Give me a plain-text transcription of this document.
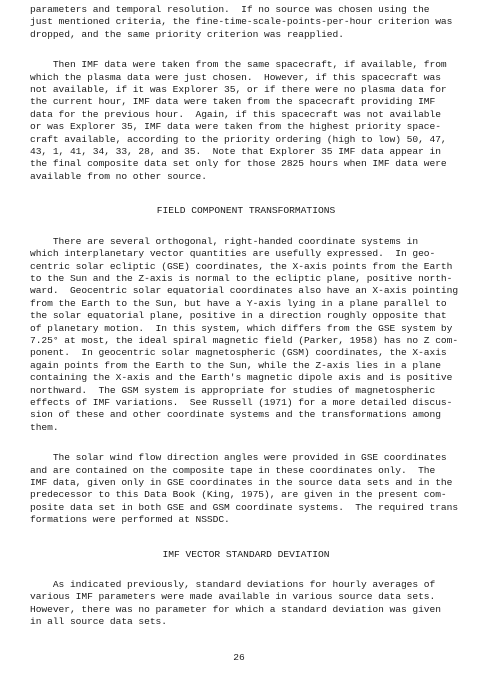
parameters and temporal resolution.  If no source was chosen using the
just mentioned criteria, the fine-time-scale-points-per-hour criterion was
dropped, and the same priority criterion was reapplied.

Then IMF data were taken from the same spacecraft, if available, from
which the plasma data were just chosen.  However, if this spacecraft was
not available, if it was Explorer 35, or if there were no plasma data for
the current hour, IMF data were taken from the spacecraft providing IMF
data for the previous hour.  Again, if this spacecraft was not available
or was Explorer 35, IMF data were taken from the highest priority space-
craft available, according to the priority ordering (high to low) 50, 47,
43, 1, 41, 34, 33, 28, and 35.  Note that Explorer 35 IMF data appear in
the final composite data set only for those 2825 hours when IMF data were
available from no other source.

FIELD COMPONENT TRANSFORMATIONS

There are several orthogonal, right-handed coordinate systems in
which interplanetary vector quantities are usefully expressed.  In geo-
centric solar ecliptic (GSE) coordinates, the X-axis points from the Earth
to the Sun and the Z-axis is normal to the ecliptic plane, positive north-
ward.  Geocentric solar equatorial coordinates also have an X-axis pointing
from the Earth to the Sun, but have a Y-axis lying in a plane parallel to
the solar equatorial plane, positive in a direction roughly opposite that
of planetary motion.  In this system, which differs from the GSE system by
7.25° at most, the ideal spiral magnetic field (Parker, 1958) has no Z com-
ponent.  In geocentric solar magnetospheric (GSM) coordinates, the X-axis
again points from the Earth to the Sun, while the Z-axis lies in a plane
containing the X-axis and the Earth's magnetic dipole axis and is positive
northward.  The GSM system is appropriate for studies of magnetospheric
effects of IMF variations.  See Russell (1971) for a more detailed discus-
sion of these and other coordinate systems and the transformations among
them.

The solar wind flow direction angles were provided in GSE coordinates
and are contained on the composite tape in these coordinates only.  The
IMF data, given only in GSE coordinates in the source data sets and in the
predecessor to this Data Book (King, 1975), are given in the present com-
posite data set in both GSE and GSM coordinate systems.  The required trans
formations were performed at NSSDC.

IMF VECTOR STANDARD DEVIATION

As indicated previously, standard deviations for hourly averages of
various IMF parameters were made available in various source data sets.
However, there was no parameter for which a standard deviation was given
in all source data sets.

26
